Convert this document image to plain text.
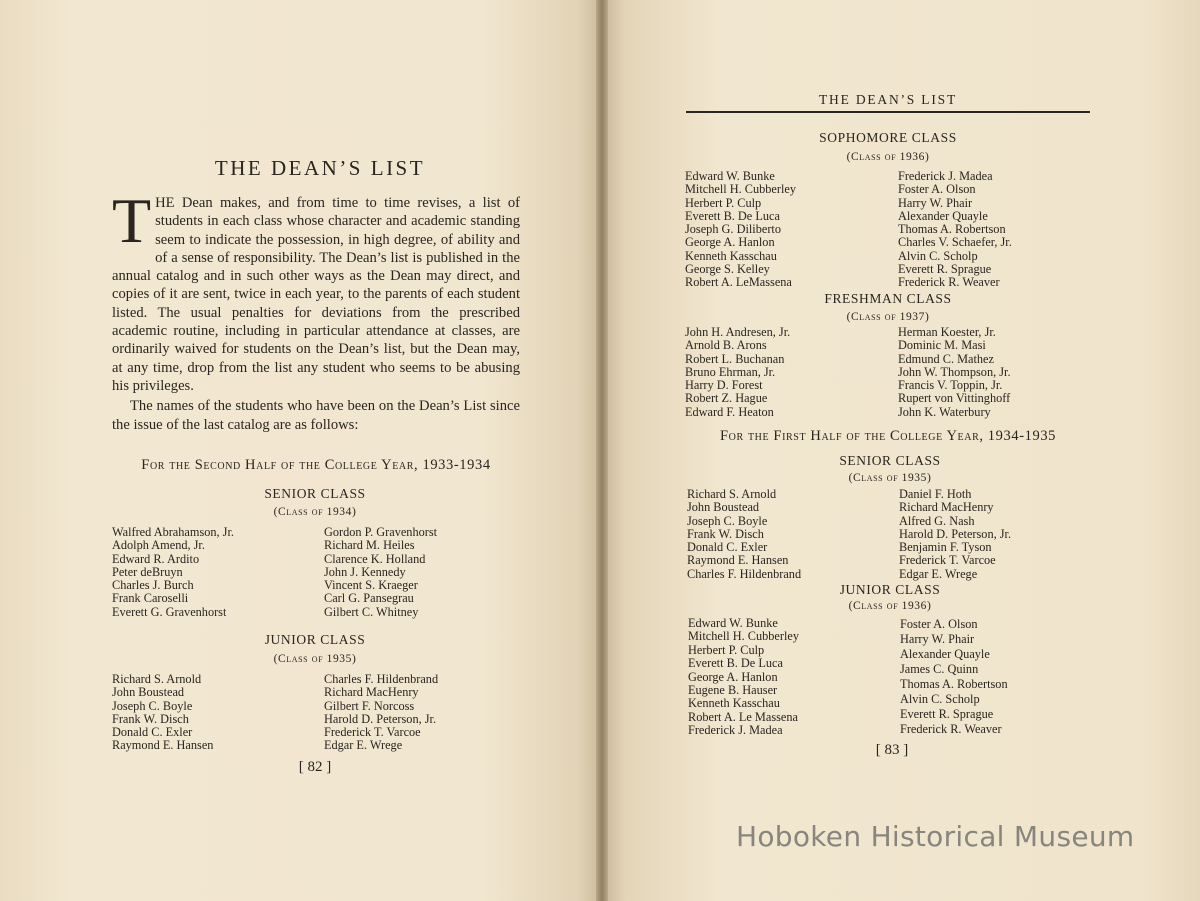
THE DEAN’S LIST

THE Dean makes, and from time to time revises, a list of students in each class whose character and academic standing seem to indicate the possession, in high degree, of ability and of a sense of responsibility. The Dean’s list is published in the annual catalog and in such other ways as the Dean may direct, and copies of it are sent, twice in each year, to the parents of each student listed. The usual penalties for deviations from the prescribed academic routine, including in particular attendance at classes, are ordinarily waived for students on the Dean’s list, but the Dean may, at any time, drop from the list any student who seems to be abusing his privileges.

The names of the students who have been on the Dean’s List since the issue of the last catalog are as follows:

For the Second Half of the College Year, 1933-1934
SENIOR CLASS
(Class of 1934)
Walfred Abrahamson, Jr.
Adolph Amend, Jr.
Edward R. Ardito
Peter deBruyn
Charles J. Burch
Frank Caroselli
Everett G. Gravenhorst
Gordon P. Gravenhorst
Richard M. Heiles
Clarence K. Holland
John J. Kennedy
Vincent S. Kraeger
Carl G. Pansegrau
Gilbert C. Whitney
JUNIOR CLASS
(Class of 1935)
Richard S. Arnold
John Boustead
Joseph C. Boyle
Frank W. Disch
Donald C. Exler
Raymond E. Hansen
Charles F. Hildenbrand
Richard MacHenry
Gilbert F. Norcoss
Harold D. Peterson, Jr.
Frederick T. Varcoe
Edgar E. Wrege
[ 82 ]
THE DEAN’S LIST
SOPHOMORE CLASS
(Class of 1936)
Edward W. Bunke
Mitchell H. Cubberley
Herbert P. Culp
Everett B. De Luca
Joseph G. Diliberto
George A. Hanlon
Kenneth Kasschau
George S. Kelley
Robert A. LeMassena
Frederick J. Madea
Foster A. Olson
Harry W. Phair
Alexander Quayle
Thomas A. Robertson
Charles V. Schaefer, Jr.
Alvin C. Scholp
Everett R. Sprague
Frederick R. Weaver
FRESHMAN CLASS
(Class of 1937)
John H. Andresen, Jr.
Arnold B. Arons
Robert L. Buchanan
Bruno Ehrman, Jr.
Harry D. Forest
Robert Z. Hague
Edward F. Heaton
Herman Koester, Jr.
Dominic M. Masi
Edmund C. Mathez
John W. Thompson, Jr.
Francis V. Toppin, Jr.
Rupert von Vittinghoff
John K. Waterbury
For the First Half of the College Year, 1934-1935
SENIOR CLASS
(Class of 1935)
Richard S. Arnold
John Boustead
Joseph C. Boyle
Frank W. Disch
Donald C. Exler
Raymond E. Hansen
Charles F. Hildenbrand
Daniel F. Hoth
Richard MacHenry
Alfred G. Nash
Harold D. Peterson, Jr.
Benjamin F. Tyson
Frederick T. Varcoe
Edgar E. Wrege
JUNIOR CLASS
(Class of 1936)
Edward W. Bunke
Mitchell H. Cubberley
Herbert P. Culp
Everett B. De Luca
George A. Hanlon
Eugene B. Hauser
Kenneth Kasschau
Robert A. Le Massena
Frederick J. Madea
Foster A. Olson
Harry W. Phair
Alexander Quayle
James C. Quinn
Thomas A. Robertson
Alvin C. Scholp
Everett R. Sprague
Frederick R. Weaver
[ 83 ]
Hoboken Historical Museum
